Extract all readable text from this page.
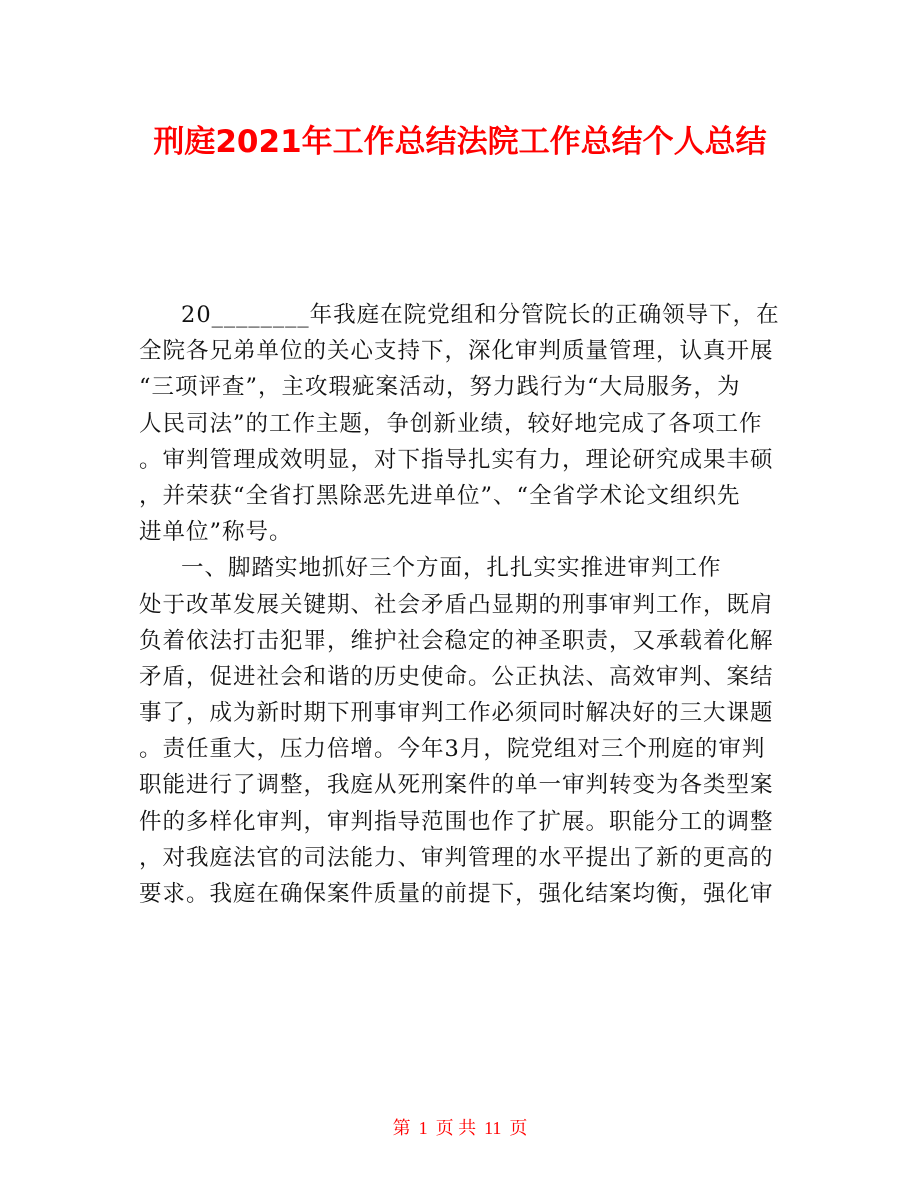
刑庭2021年工作总结法院工作总结个人总结
20________年我庭在院党组和分管院长的正确领导下，在
全院各兄弟单位的关心支持下，深化审判质量管理，认真开展
“三项评查”，主攻瑕疵案活动，努力践行为“大局服务，为
人民司法”的工作主题，争创新业绩，较好地完成了各项工作
。审判管理成效明显，对下指导扎实有力，理论研究成果丰硕
，并荣获“全省打黑除恶先进单位”、“全省学术论文组织先
进单位”称号。
一、脚踏实地抓好三个方面，扎扎实实推进审判工作
处于改革发展关键期、社会矛盾凸显期的刑事审判工作，既肩
负着依法打击犯罪，维护社会稳定的神圣职责，又承载着化解
矛盾，促进社会和谐的历史使命。公正执法、高效审判、案结
事了，成为新时期下刑事审判工作必须同时解决好的三大课题
。责任重大，压力倍增。今年3月，院党组对三个刑庭的审判
职能进行了调整，我庭从死刑案件的单一审判转变为各类型案
件的多样化审判，审判指导范围也作了扩展。职能分工的调整
，对我庭法官的司法能力、审判管理的水平提出了新的更高的
要求。我庭在确保案件质量的前提下，强化结案均衡，强化审
第 1 页 共 11 页
